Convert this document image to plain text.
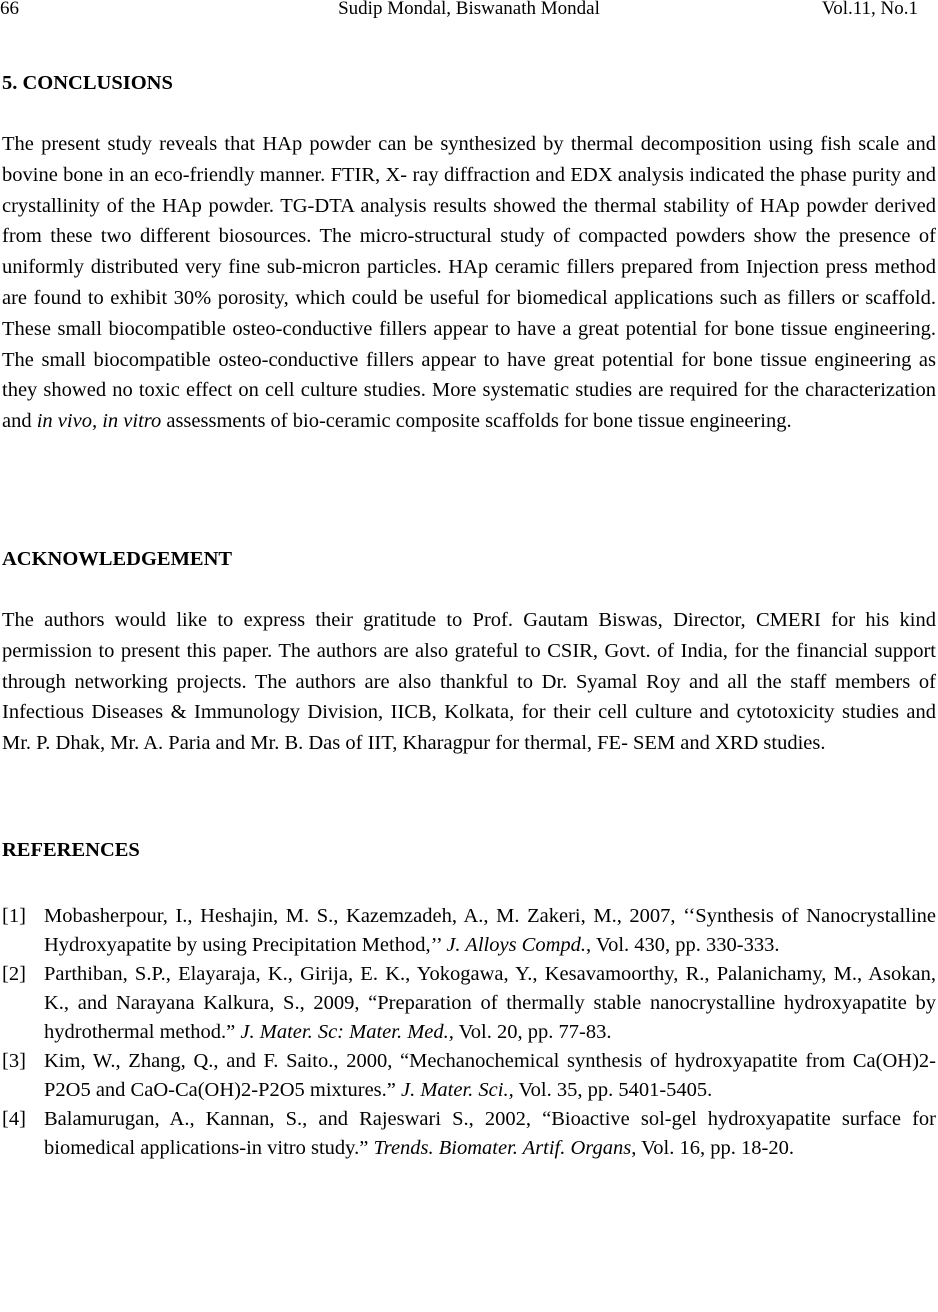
66	Sudip Mondal, Biswanath Mondal	Vol.11, No.1
5. CONCLUSIONS

The present study reveals that HAp powder can be synthesized by thermal decomposition using fish scale and bovine bone in an eco-friendly manner. FTIR, X- ray diffraction and EDX analysis indicated the phase purity and crystallinity of the HAp powder. TG-DTA analysis results showed the thermal stability of HAp powder derived from these two different biosources. The micro-structural study of compacted powders show the presence of uniformly distributed very fine sub-micron particles. HAp ceramic fillers prepared from Injection press method are found to exhibit 30% porosity, which could be useful for biomedical applications such as fillers or scaffold. These small biocompatible osteo-conductive fillers appear to have a great potential for bone tissue engineering. The small biocompatible osteo-conductive fillers appear to have great potential for bone tissue engineering as they showed no toxic effect on cell culture studies. More systematic studies are required for the characterization and in vivo, in vitro assessments of bio-ceramic composite scaffolds for bone tissue engineering.

ACKNOWLEDGEMENT

The authors would like to express their gratitude to Prof. Gautam Biswas, Director, CMERI for his kind permission to present this paper. The authors are also grateful to CSIR, Govt. of India, for the financial support through networking projects. The authors are also thankful to Dr. Syamal Roy and all the staff members of Infectious Diseases & Immunology Division, IICB, Kolkata, for their cell culture and cytotoxicity studies and Mr. P. Dhak, Mr. A. Paria and Mr. B. Das of IIT, Kharagpur for thermal, FE- SEM and XRD studies.

REFERENCES
[1] Mobasherpour, I., Heshajin, M. S., Kazemzadeh, A., M. Zakeri, M., 2007, ‘‘Synthesis of Nanocrystalline Hydroxyapatite by using Precipitation Method,’’ J. Alloys Compd., Vol. 430, pp. 330-333.
[2] Parthiban, S.P., Elayaraja, K., Girija, E. K., Yokogawa, Y., Kesavamoorthy, R., Palanichamy, M., Asokan, K., and Narayana Kalkura, S., 2009, “Preparation of thermally stable nanocrystalline hydroxyapatite by hydrothermal method.” J. Mater. Sc: Mater. Med., Vol. 20, pp. 77-83.
[3] Kim, W., Zhang, Q., and F. Saito., 2000, “Mechanochemical synthesis of hydroxyapatite from Ca(OH)2-P2O5 and CaO-Ca(OH)2-P2O5 mixtures.” J. Mater. Sci., Vol. 35, pp. 5401-5405.
[4] Balamurugan, A., Kannan, S., and Rajeswari S., 2002, “Bioactive sol-gel hydroxyapatite surface for biomedical applications-in vitro study.” Trends. Biomater. Artif. Organs, Vol. 16, pp. 18-20.
